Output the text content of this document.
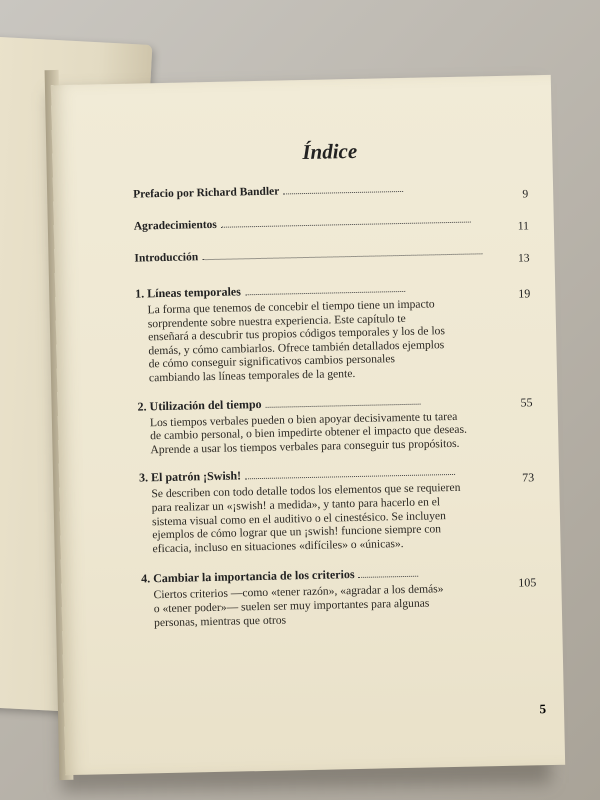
Índice
Prefacio por Richard Bandler	9
Agradecimientos	11
Introducción	13
1. Líneas temporales	19
La forma que tenemos de concebir el tiempo tiene un impacto sorprendente sobre nuestra experiencia. Este capítulo te enseñará a descubrir tus propios códigos temporales y los de los demás, y cómo cambiarlos. Ofrece también detallados ejemplos de cómo conseguir significativos cambios personales cambiando las líneas temporales de la gente.
2. Utilización del tiempo	55
Los tiempos verbales pueden o bien apoyar decisivamente tu tarea de cambio personal, o bien impedirte obtener el impacto que deseas. Aprende a usar los tiempos verbales para conseguir tus propósitos.
3. El patrón ¡Swish!	73
Se describen con todo detalle todos los elementos que se requieren para realizar un «¡swish! a medida», y tanto para hacerlo en el sistema visual como en el auditivo o el cinestésico. Se incluyen ejemplos de cómo lograr que un ¡swish! funcione siempre con eficacia, incluso en situaciones «difíciles» o «únicas».
4. Cambiar la importancia de los criterios	105
Ciertos criterios —como «tener razón», «agradar a los demás» o «tener poder»— suelen ser muy importantes para algunas personas, mientras que otros
5
